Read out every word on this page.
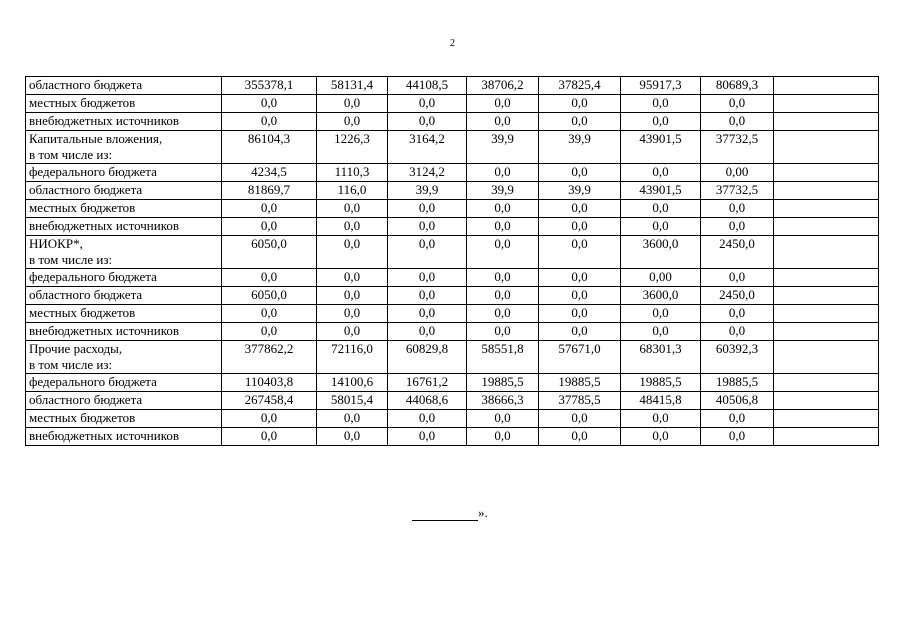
2
областного бюджета	355378,1	58131,4	44108,5	38706,2	37825,4	95917,3	80689,3	

местных бюджетов	0,0	0,0	0,0	0,0	0,0	0,0	0,0	

внебюджетных источников	0,0	0,0	0,0	0,0	0,0	0,0	0,0	

Капитальные вложения,
в том числе из:	86104,3	1226,3	3164,2	39,9	39,9	43901,5	37732,5	

федерального бюджета	4234,5	1110,3	3124,2	0,0	0,0	0,0	0,00	

областного бюджета	81869,7	116,0	39,9	39,9	39,9	43901,5	37732,5	

местных бюджетов	0,0	0,0	0,0	0,0	0,0	0,0	0,0	

внебюджетных источников	0,0	0,0	0,0	0,0	0,0	0,0	0,0	

НИОКР*,
в том числе из:	6050,0	0,0	0,0	0,0	0,0	3600,0	2450,0	

федерального бюджета	0,0	0,0	0,0	0,0	0,0	0,00	0,0	

областного бюджета	6050,0	0,0	0,0	0,0	0,0	3600,0	2450,0	

местных бюджетов	0,0	0,0	0,0	0,0	0,0	0,0	0,0	

внебюджетных источников	0,0	0,0	0,0	0,0	0,0	0,0	0,0	

Прочие расходы,
в том числе из:	377862,2	72116,0	60829,8	58551,8	57671,0	68301,3	60392,3	

федерального бюджета	110403,8	14100,6	16761,2	19885,5	19885,5	19885,5	19885,5	

областного бюджета	267458,4	58015,4	44068,6	38666,3	37785,5	48415,8	40506,8	

местных бюджетов	0,0	0,0	0,0	0,0	0,0	0,0	0,0	

внебюджетных источников	0,0	0,0	0,0	0,0	0,0	0,0	0,0	
».
